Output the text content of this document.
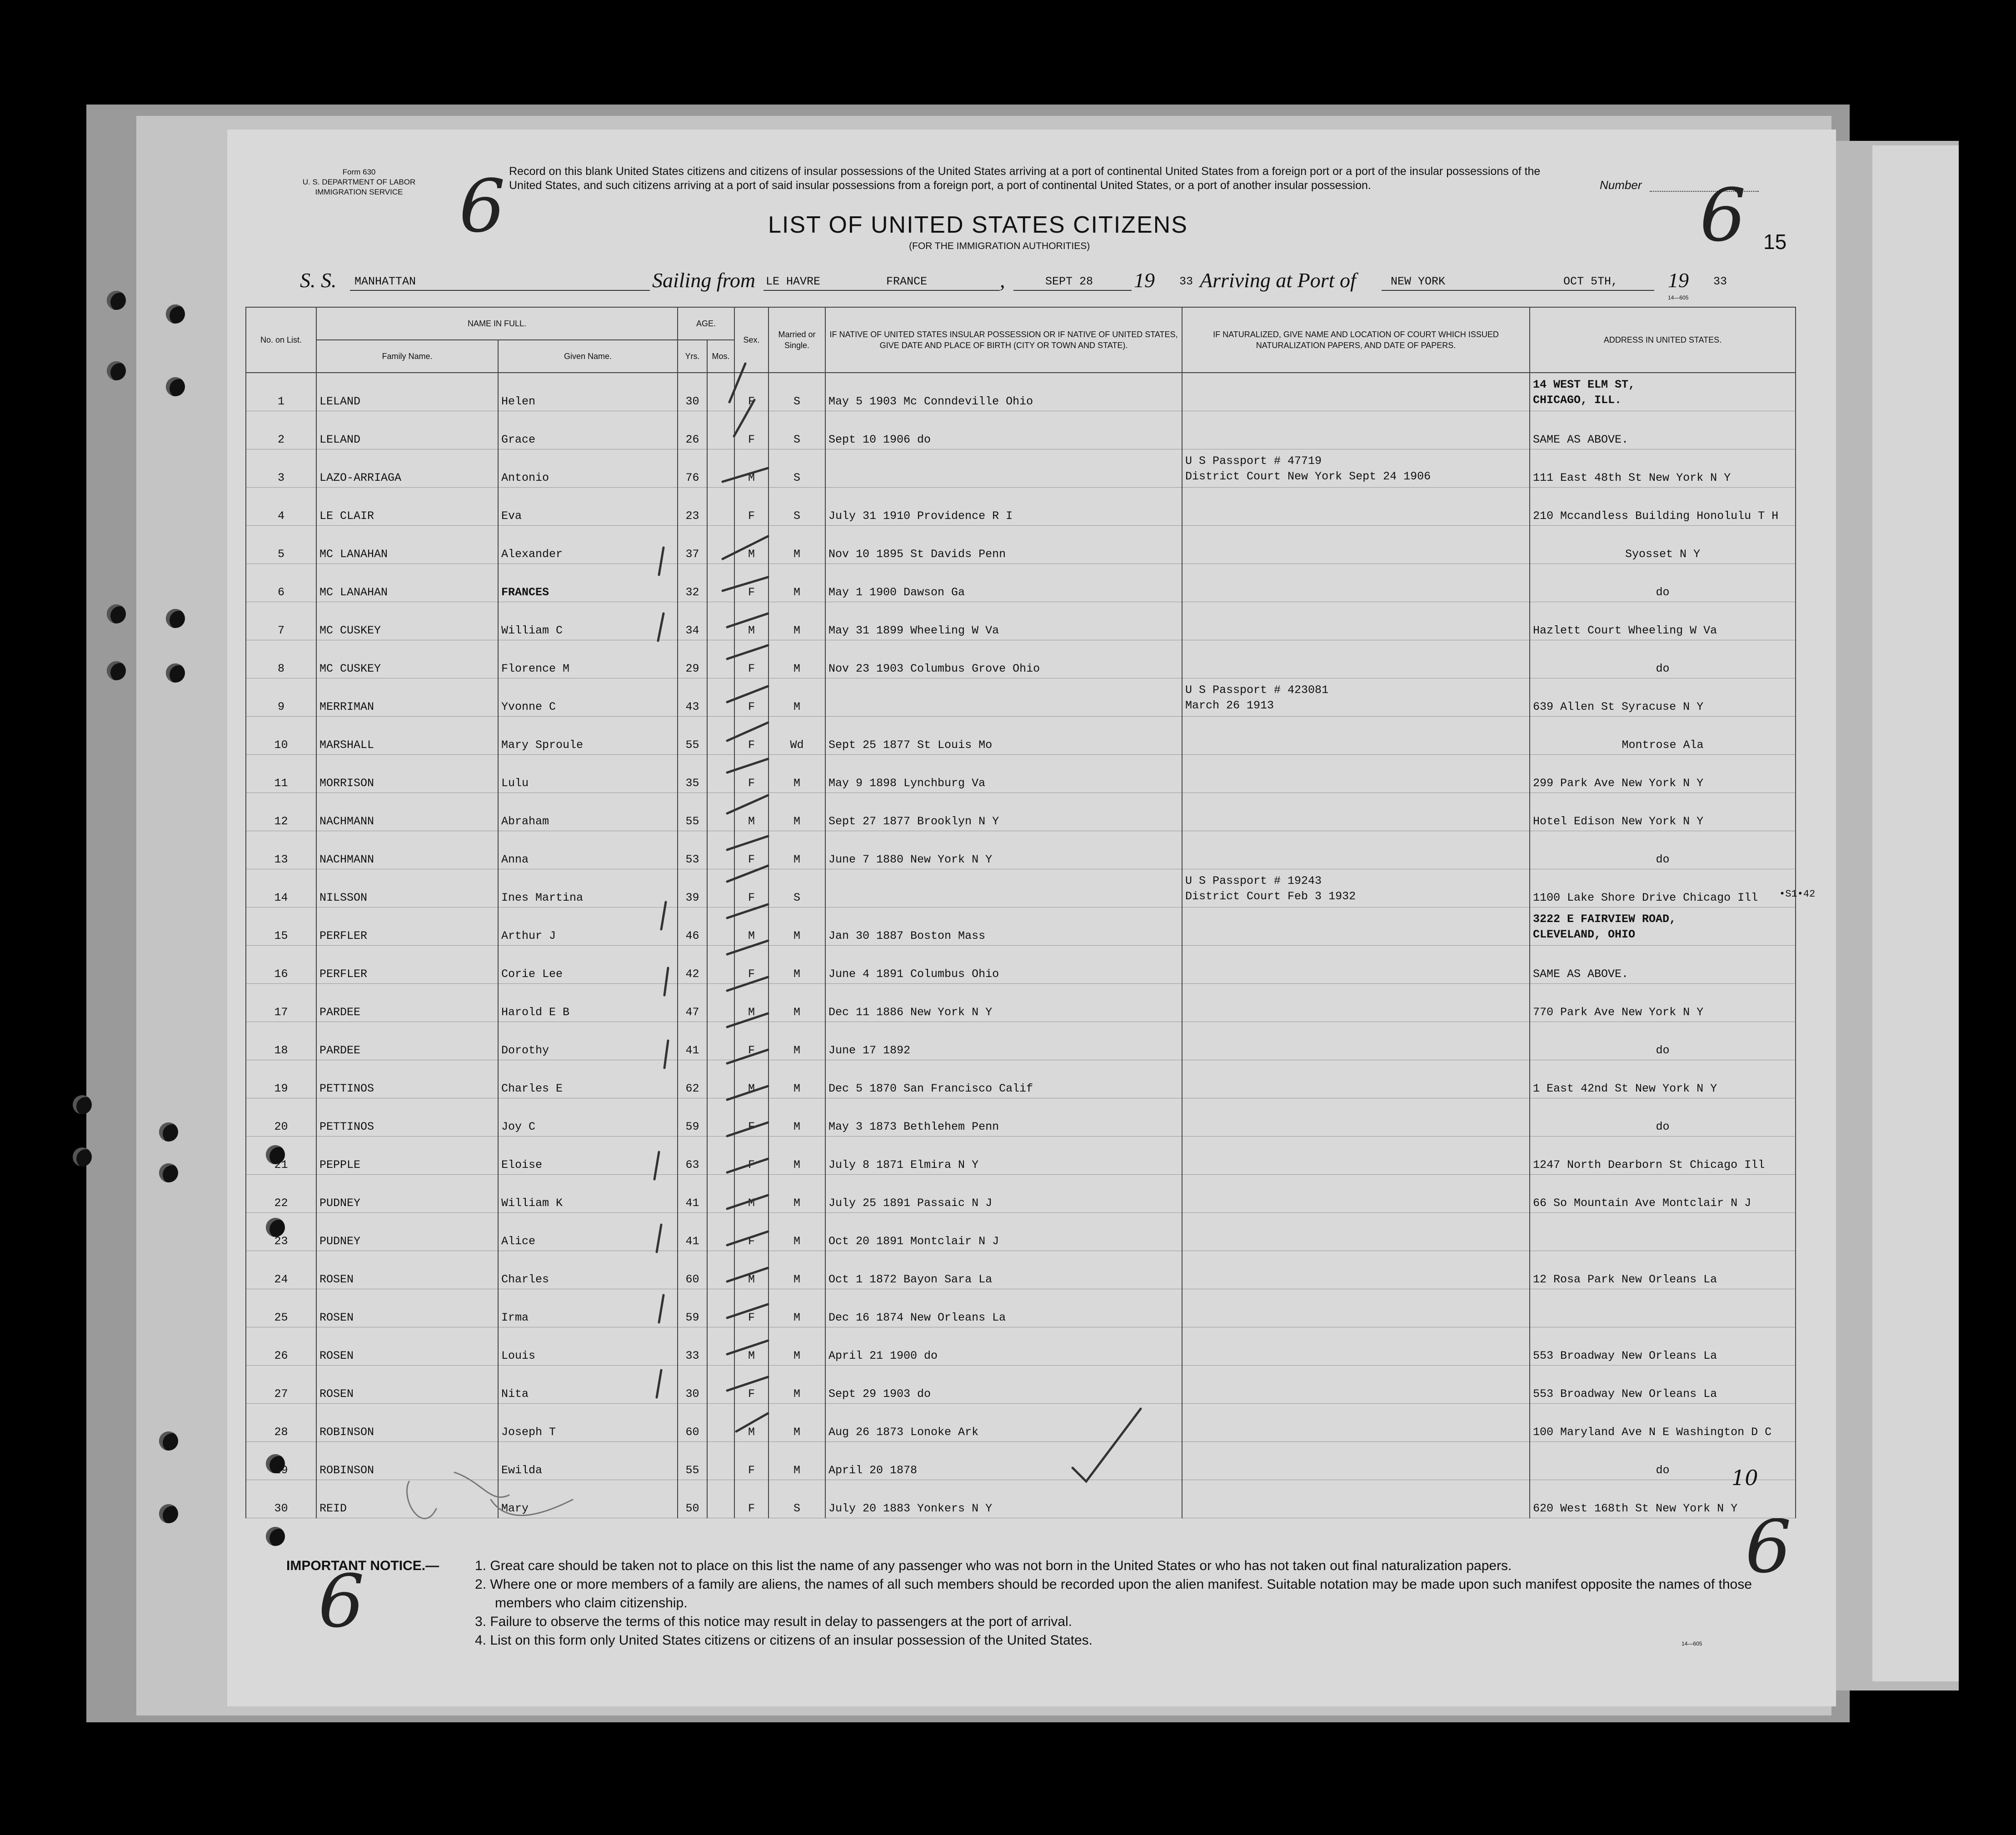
Form 630
U. S. DEPARTMENT OF LABOR
IMMIGRATION SERVICE
Record on this blank United States citizens and citizens of insular possessions of the United States arriving at a port of continental United States from a foreign port or a port of the insular possessions of the United States, and such citizens arriving at a port of said insular possessions from a foreign port, a port of continental United States, or a port of another insular possession.	Number
6	6
6
6
15
LIST OF UNITED STATES CITIZENS
(FOR THE IMMIGRATION AUTHORITIES)
S. S. MANHATTAN	Sailing from LE HAVRE	FRANCE	,	SEPT 28 19 33 Arriving at Port of	NEW YORK	OCT 5TH, 19 33
14—605
No. on List.	NAME IN FULL.		AGE.		Sex.	Married or Single.	IF NATIVE OF UNITED STATES INSULAR POSSESSION OR IF NATIVE OF UNITED STATES, GIVE DATE AND PLACE OF BIRTH (CITY OR TOWN AND STATE).	IF NATURALIZED, GIVE NAME AND LOCATION OF COURT WHICH ISSUED NATURALIZATION PAPERS, AND DATE OF PAPERS.	ADDRESS IN UNITED STATES.
	Family Name.	Given Name.	Yrs.	Mos.					
1	LELAND	Helen	30		F	S	May 5 1903 Mc Conndeville Ohio		14 WEST ELM ST,
CHICAGO, ILL.

2	LELAND	Grace	26		F	S	Sept 10 1906 do		SAME AS ABOVE.
3	LAZO-ARRIAGA	Antonio	76		M	S		U S Passport # 47719
District Court New York Sept 24 1906	111 East 48th St New York N Y
4	LE CLAIR	Eva	23		F	S	July 31 1910 Providence R I		210 Mccandless Building Honolulu T H
5	MC LANAHAN	Alexander	37		M	M	Nov 10 1895 St Davids Penn		Syosset N Y
6	MC LANAHAN	FRANCES	32		F	M	May 1 1900 Dawson Ga		do
7	MC CUSKEY	William C	34		M	M	May 31 1899 Wheeling W Va		Hazlett Court Wheeling W Va
8	MC CUSKEY	Florence M	29		F	M	Nov 23 1903 Columbus Grove Ohio		do
9	MERRIMAN	Yvonne C	43		F	M		U S Passport # 423081
March 26 1913	639 Allen St Syracuse N Y
10	MARSHALL	Mary Sproule	55		F	Wd	Sept 25 1877 St Louis Mo		Montrose Ala
11	MORRISON	Lulu	35		F	M	May 9 1898 Lynchburg Va		299 Park Ave New York N Y
12	NACHMANN	Abraham	55		M	M	Sept 27 1877 Brooklyn N Y		Hotel Edison New York N Y
13	NACHMANN	Anna	53		F	M	June 7 1880 New York N Y		do
14	NILSSON	Ines Martina	39		F	S		U S Passport # 19243
District Court Feb 3 1932	1100 Lake Shore Drive Chicago Ill
15	PERFLER	Arthur J	46		M	M	Jan 30 1887 Boston Mass		3222 E FAIRVIEW ROAD,
CLEVELAND, OHIO

16	PERFLER	Corie Lee	42		F	M	June 4 1891 Columbus Ohio		SAME AS ABOVE.
17	PARDEE	Harold E B	47		M	M	Dec 11 1886 New York N Y		770 Park Ave New York N Y
18	PARDEE	Dorothy	41		F	M	June 17 1892		do
19	PETTINOS	Charles E	62		M	M	Dec 5 1870 San Francisco Calif		1 East 42nd St New York N Y
20	PETTINOS	Joy C	59		F	M	May 3 1873 Bethlehem Penn		do
21	PEPPLE	Eloise	63		F	M	July 8 1871 Elmira N Y		1247 North Dearborn St Chicago Ill
22	PUDNEY	William K	41		M	M	July 25 1891 Passaic N J		66 So Mountain Ave Montclair N J
23	PUDNEY	Alice	41		F	M	Oct 20 1891 Montclair N J		
24	ROSEN	Charles	60		M	M	Oct 1 1872 Bayon Sara La		12 Rosa Park New Orleans La
25	ROSEN	Irma	59		F	M	Dec 16 1874 New Orleans La		
26	ROSEN	Louis	33		M	M	April 21 1900 do		553 Broadway New Orleans La
27	ROSEN	Nita	30		F	M	Sept 29 1903 do		553 Broadway New Orleans La
28	ROBINSON	Joseph T	60		M	M	Aug 26 1873 Lonoke Ark		100 Maryland Ave N E Washington D C
29	ROBINSON	Ewilda	55		F	M	April 20 1878		do
30	REID	Mary	50		F	S	July 20 1883 Yonkers N Y		620 West 168th St New York N Y
•S1•42
10
IMPORTANT NOTICE.—	1. Great care should be taken not to place on this list the name of any passenger who was not born in the United States or who has not taken out final naturalization papers.
2. Where one or more members of a family are aliens, the names of all such members should be recorded upon the alien manifest. Suitable notation may be made upon such manifest opposite the names of those members who claim citizenship.
3. Failure to observe the terms of this notice may result in delay to passengers at the port of arrival.
4. List on this form only United States citizens or citizens of an insular possession of the United States.	14—605
